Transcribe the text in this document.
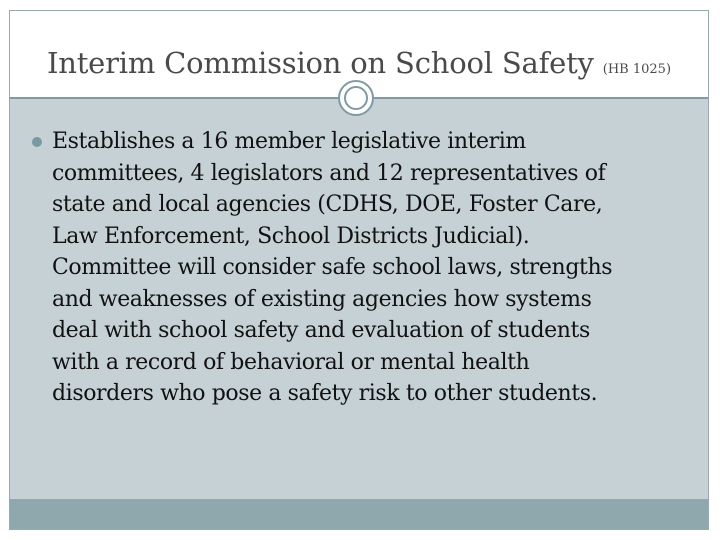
Interim Commission on School Safety (HB 1025)
Establishes a 16 member legislative interim
committees, 4 legislators and 12 representatives of
state and local agencies (CDHS, DOE, Foster Care,
Law Enforcement, School Districts Judicial).
Committee will consider safe school laws, strengths
and weaknesses of existing agencies how systems
deal with school safety and evaluation of students
with a record of behavioral or mental health
disorders who pose a safety risk to other students.
